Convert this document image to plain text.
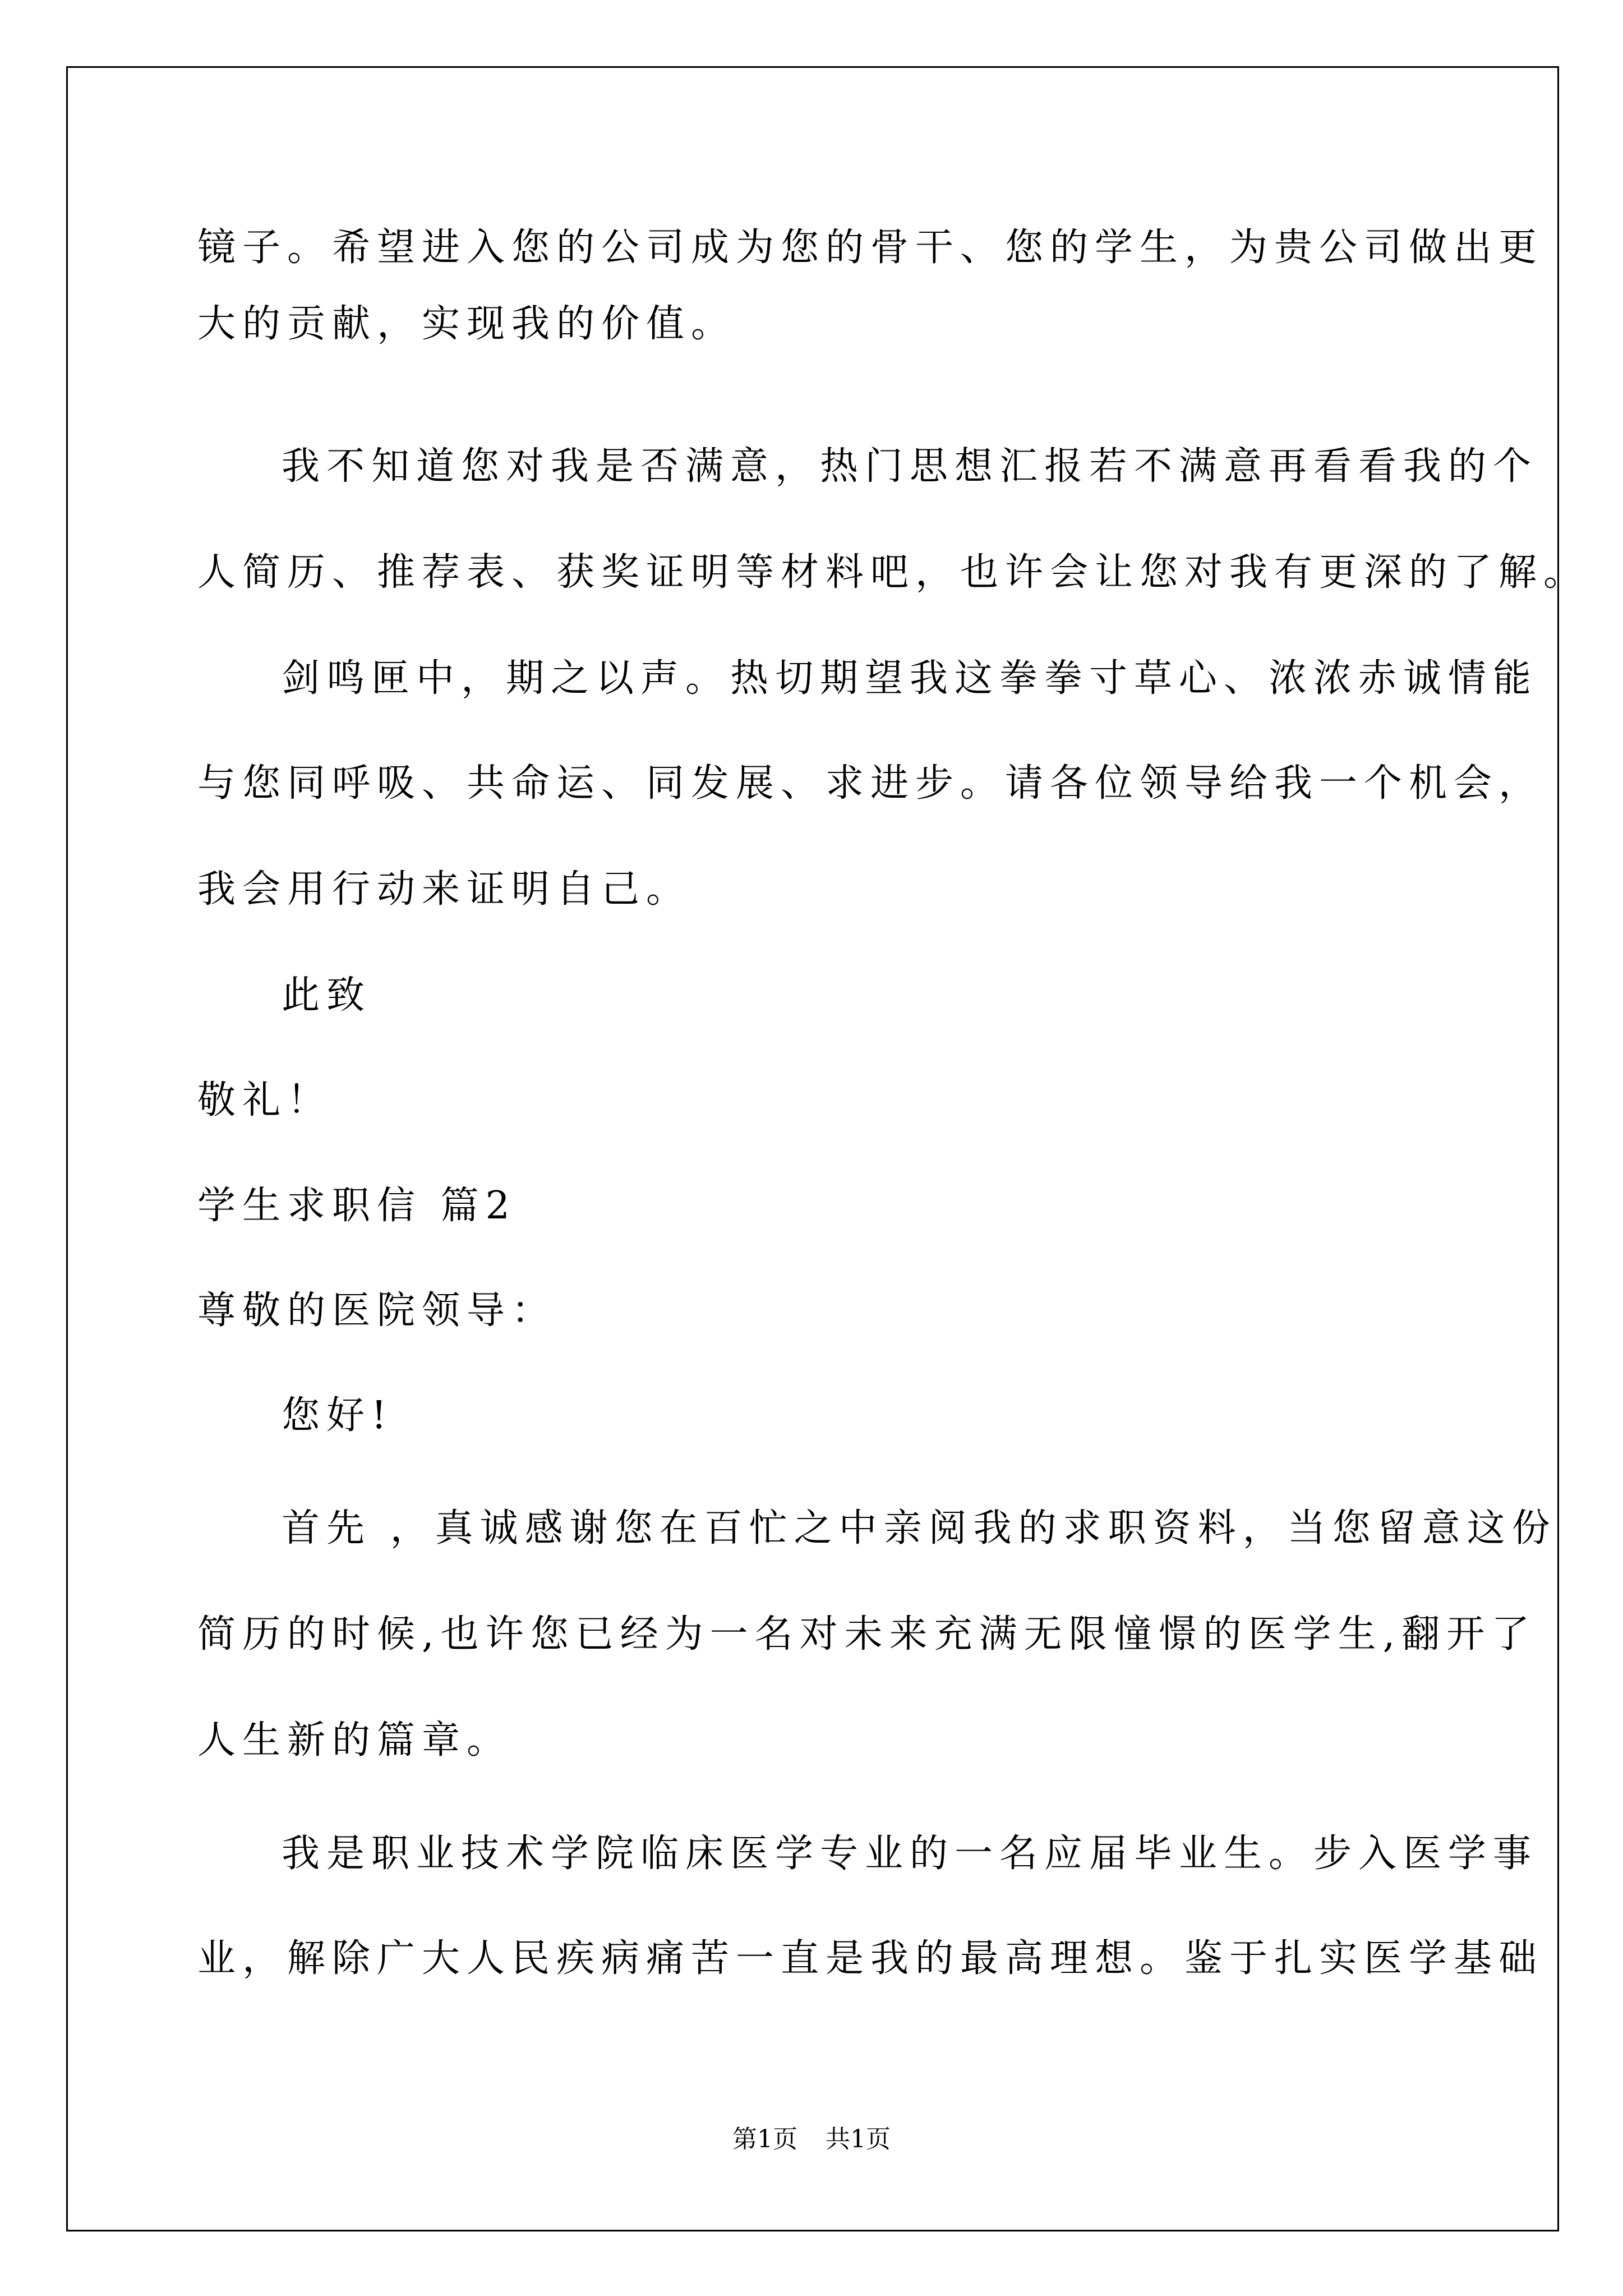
镜子。希望进入您的公司成为您的骨干、您的学生，为贵公司做出更
大的贡献，实现我的价值。
我不知道您对我是否满意，热门思想汇报若不满意再看看我的个
人简历、推荐表、获奖证明等材料吧，也许会让您对我有更深的了解。
剑鸣匣中，期之以声。热切期望我这拳拳寸草心、浓浓赤诚情能
与您同呼吸、共命运、同发展、求进步。请各位领导给我一个机会，
我会用行动来证明自己。
此致
敬礼！
学生求职信 篇2
尊敬的医院领导：
您好!
首先 ，真诚感谢您在百忙之中亲阅我的求职资料，当您留意这份
简历的时候,也许您已经为一名对未来充满无限憧憬的医学生,翻开了
人生新的篇章。
我是职业技术学院临床医学专业的一名应届毕业生。步入医学事
业，解除广大人民疾病痛苦一直是我的最高理想。鉴于扎实医学基础
第1页 共1页
